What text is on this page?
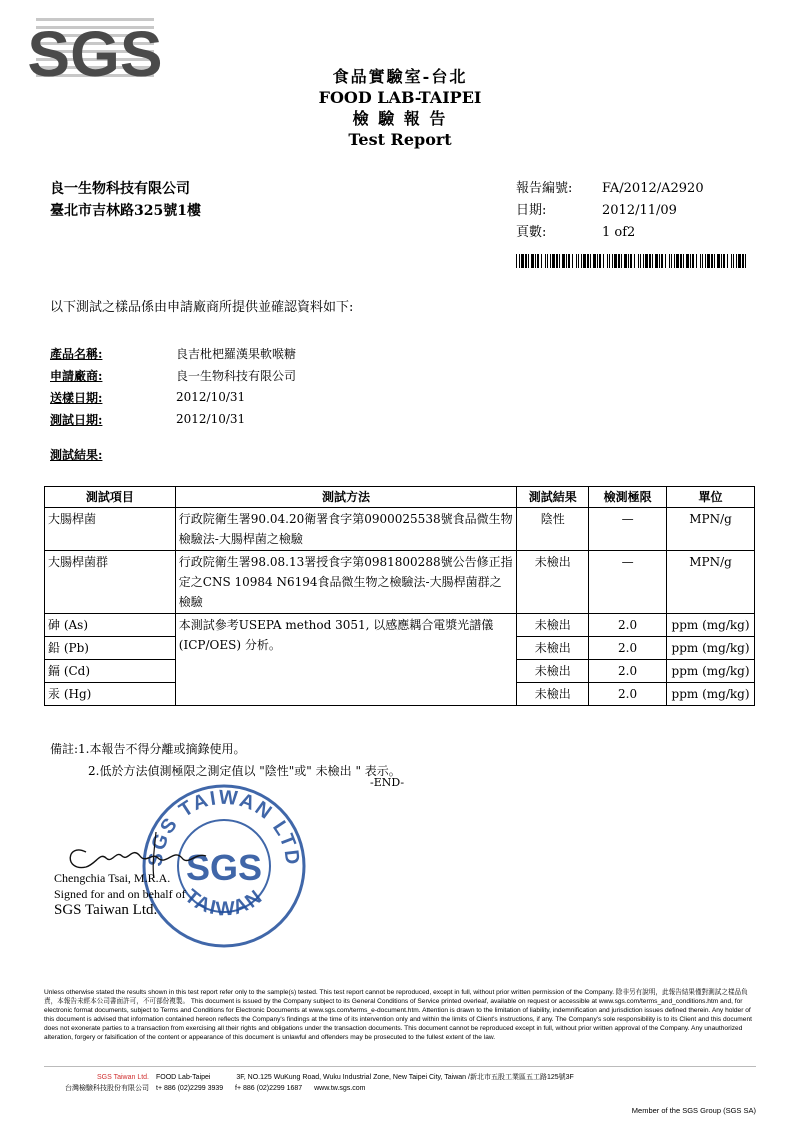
SGS	食品實驗室-台北
FOOD LAB-TAIPEI
檢 驗 報 告
Test Report
良一生物科技有限公司
臺北市吉林路325號1樓
報告編號:	FA/2012/A2920
日期:	2012/11/09
頁數:	1 of2
以下測試之樣品係由申請廠商所提供並確認資料如下:
產品名稱:	良吉枇杷羅漢果軟喉糖
申請廠商:	良一生物科技有限公司
送樣日期:	2012/10/31
測試日期:	2012/10/31
測試結果:
測試項目	測試方法	測試結果	檢測極限	單位
大腸桿菌	行政院衛生署90.04.20衛署食字第0900025538號食品微生物檢驗法-大腸桿菌之檢驗	陰性	—	MPN/g
大腸桿菌群	行政院衛生署98.08.13署授食字第0981800288號公告修正指定之CNS 10984 N6194食品微生物之檢驗法-大腸桿菌群之檢驗	未檢出	—	MPN/g
砷 (As)	本測試參考USEPA method 3051, 以感應耦合電漿光譜儀(ICP/OES) 分析。	未檢出	2.0	ppm (mg/kg)
鉛 (Pb)		未檢出	2.0	ppm (mg/kg)
鎘 (Cd)		未檢出	2.0	ppm (mg/kg)
汞 (Hg)		未檢出	2.0	ppm (mg/kg)
備註:1.本報告不得分離或摘錄使用。
2.低於方法偵測極限之測定值以 "陰性"或" 未檢出 " 表示。
-END-
SGS TAIWAN LTD
TAIWAN
SGS
Chengchia Tsai, M.R.A.
Signed for and on behalf of
SGS Taiwan Ltd.
Unless otherwise stated the results shown in this test report refer only to the sample(s) tested. This test report cannot be reproduced, except in full, without prior written permission of the Company. 除非另有說明，此報告結果僅對測試之樣品負責，本報告未經本公司書面許可，不可部份複製。 This document is issued by the Company subject to its General Conditions of Service printed overleaf, available on request or accessible at www.sgs.com/terms_and_conditions.htm and, for electronic format documents, subject to Terms and Conditions for Electronic Documents at www.sgs.com/terms_e-document.htm. Attention is drawn to the limitation of liability, indemnification and jurisdiction issues defined therein. Any holder of this document is advised that information contained hereon reflects the Company's findings at the time of its intervention only and within the limits of Client's instructions, if any. The Company's sole responsibility is to its Client and this document does not exonerate parties to a transaction from exercising all their rights and obligations under the transaction documents. This document cannot be reproduced except in full, without prior written approval of the Company. Any unauthorized alteration, forgery or falsification of the content or appearance of this document is unlawful and offenders may be prosecuted to the fullest extent of the law.
SGS Taiwan Ltd.
台灣檢驗科技股份有限公司
FOOD Lab-Taipei	3F, NO.125 WuKung Road, Wuku Industrial Zone, New Taipei City, Taiwan /新北市五股工業區五工路125號3F
t+ 886 (02)2299 3939 f+ 886 (02)2299 1687 www.tw.sgs.com
Member of the SGS Group (SGS SA)
